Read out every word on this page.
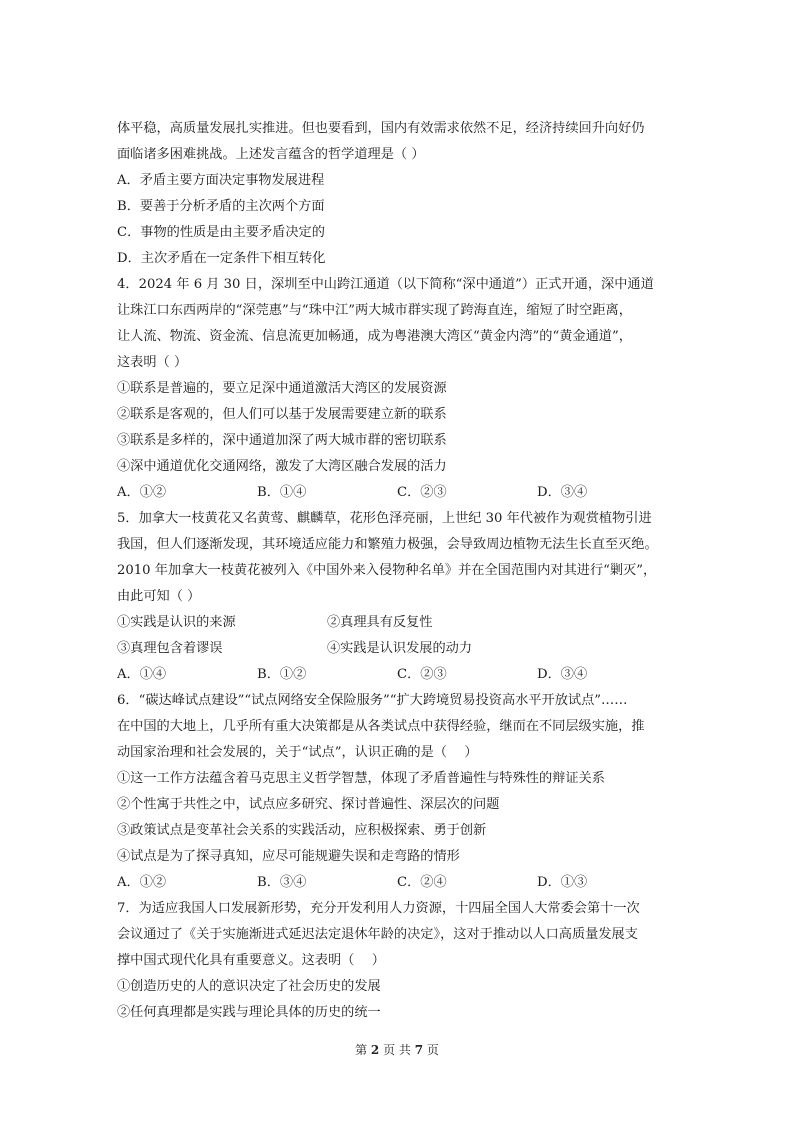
体平稳，高质量发展扎实推进。但也要看到，国内有效需求依然不足，经济持续回升向好仍
面临诸多困难挑战。上述发言蕴含的哲学道理是（ ）
A．矛盾主要方面决定事物发展进程
B．要善于分析矛盾的主次两个方面
C．事物的性质是由主要矛盾决定的
D．主次矛盾在一定条件下相互转化
4．2024 年 6 月 30 日，深圳至中山跨江通道（以下简称“深中通道”）正式开通，深中通道
让珠江口东西两岸的“深莞惠”与“珠中江”两大城市群实现了跨海直连，缩短了时空距离，
让人流、物流、资金流、信息流更加畅通，成为粤港澳大湾区“黄金内湾”的“黄金通道”，
这表明（ ）
①联系是普遍的，要立足深中通道激活大湾区的发展资源
②联系是客观的，但人们可以基于发展需要建立新的联系
③联系是多样的，深中通道加深了两大城市群的密切联系
④深中通道优化交通网络，激发了大湾区融合发展的活力
A．①②	B．①④	C．②③	D．③④
5．加拿大一枝黄花又名黄莺、麒麟草，花形色泽亮丽，上世纪 30 年代被作为观赏植物引进
我国，但人们逐渐发现，其环境适应能力和繁殖力极强，会导致周边植物无法生长直至灭绝。
2010 年加拿大一枝黄花被列入《中国外来入侵物种名单》并在全国范围内对其进行“剿灭”，
由此可知（ ）
①实践是认识的来源	②真理具有反复性
③真理包含着谬误	④实践是认识发展的动力
A．①④	B．①②	C．②③	D．③④
6．“碳达峰试点建设”“试点网络安全保险服务”“扩大跨境贸易投资高水平开放试点”……
在中国的大地上，几乎所有重大决策都是从各类试点中获得经验，继而在不同层级实施，推
动国家治理和社会发展的，关于“试点”，认识正确的是（　 ）
①这一工作方法蕴含着马克思主义哲学智慧，体现了矛盾普遍性与特殊性的辩证关系
②个性寓于共性之中，试点应多研究、探讨普遍性、深层次的问题
③政策试点是变革社会关系的实践活动，应积极探索、勇于创新
④试点是为了探寻真知，应尽可能规避失误和走弯路的情形
A．①②	B．③④	C．②④	D．①③
7．为适应我国人口发展新形势，充分开发利用人力资源，十四届全国人大常委会第十一次
会议通过了《关于实施渐进式延迟法定退休年龄的决定》，这对于推动以人口高质量发展支
撑中国式现代化具有重要意义。这表明（　 ）
①创造历史的人的意识决定了社会历史的发展
②任何真理都是实践与理论具体的历史的统一
第 2 页 共 7 页
